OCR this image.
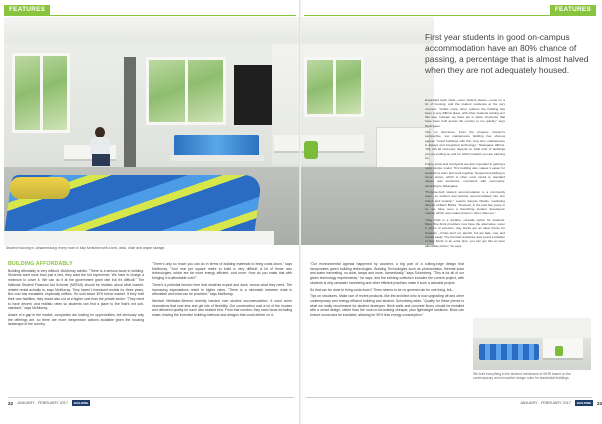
FEATURES	FEATURES
Student housing in Johannesburg; every room is fully furnished with a bed, desk, chair and ample storage.
BUILDING AFFORDABLY

Building affordably is very difficult, McMurray admits. "There is a serious issue in building. Students want more than just a bed, they want the full experience. We have to charge a minimum to cover it. We can do it at the government grant rate but it's difficult." The National Student Financial Aid Scheme (NSFAS) should be realistic about what market-related rental actually is, says McMurray. They haven't increased rentals for three years. But cost has escalated, especially utilities. It's sold about 30% below market. If they built their own facilities, they would also not at a higher cost than the private sector. "They need to have decent, and realistic rates so students can find a place to live that's not sub-standard," says McMurray.

Aware of a gap in the market, companies are looking for opportunities, but obviously only the offerings are, so there are more inexpensive options available given the housing landscape of the country.

"There's only so much you can do in terms of building materials to bring costs down," says McMurray. "Your real per square metre to build is very difficult. A lot of these new technologies, which are far more energy efficient, cost more. How do you make that with bringing it to affordable cost?"

There's a potential tension here that students expect and want, versus what they need. The increasing expectations result in higher rates. "There is a mismatch between what is affordable and what can be provided," says McMurray.

Wentzel Whittaker-Berend recently handed over student accommodation. It used some innovations that cost less and get lots of flexibility. Our construction cost a lot of the houses and delivered quality for each new student bed. From that number, they used ideas including smart, leaving the inventive building methods and designs that could deliver on it.

First year students in good on-campus accommodation have an 80% chance of passing, a percentage that is almost halved when they are not adequately housed.

Expanded beds visits—even student places—come on a lot of housing, and the student residence at the very moment. "Unlike many other cultures the building has been a very difficult place, with other students looking at it this way. Instead, we have put in place structures that have been built across the country to run quickly," says Ntsangase.

Tips on structures. From the property investor's perspective, low maintenance building has obvious appeal. "Good buildings with this, long term maintenance is always and integrated technology," Ntsangase affirms. "We will all obviously depend on what kind of buildings you are putting up and for which markets you are catering for.

Frame joints and courtyards are also important in getting a more simple model. This building also makes it easier for students to learn and work together. Sequenced parking in some stores, which is often most useful to standard values and structures, consistent with community, according to Ntsangase.

"Purpose-built student accommodation is a community team, so student and lecturer accommodated into one brand and location," reports Sanyas Marais, marketing director of Berts Bricks. "However, in the past five years or so, we have seen a flourishing student developers' market, which now makes prices in other cities too."

"Clay brick is a durable, versatile option for students. Many fine brick providers now have the alternative, lower in terms of exteriors, clay bricks are an ideal choice for students – bricks don't rot, tarnish, but are fade, rust, and cracks easily. The thermal resistance and sound insulation of clay bricks is an extra plus, you can get this at more affordable prices," he says.

"Our environmental agenda happened by accident, a big part of a cutting-edge design that incorporates green building technologies. Building Technologies such as photovoltaics, thermal solar and water harvesting, on solar, lamps and more, domestically," says Schonberg. "This is for all of our green technology requirements," he says, and the existing collection includes the current project, with students is why rainwater harvesting and other efficient practices make it such a valuable project.

So that can be done to bring costs down? There seems to be no general rule for one thing, but...

Tips on structures. Make use of recent products, like the architect who is now upgrading off and other contemporary and energy-efficient building and student. Schonberg adds: "Quality for these pieces is what we really recommend for student developer. Brick walls and concrete floors should be installed with a smart design, rather than the soon-to-be-leaking cheaper, plus lightweight solutions. Brick can ensure sound and be insulated, allowing for 50% less energy consumption."

We built everything in the student residences of WHR based on the contemporary and innovative design rules for residential buildings.
22 JANUARY - FEBRUARY 2017	BUILDING	JANUARY - FEBRUARY 2017	BUILDING	23
